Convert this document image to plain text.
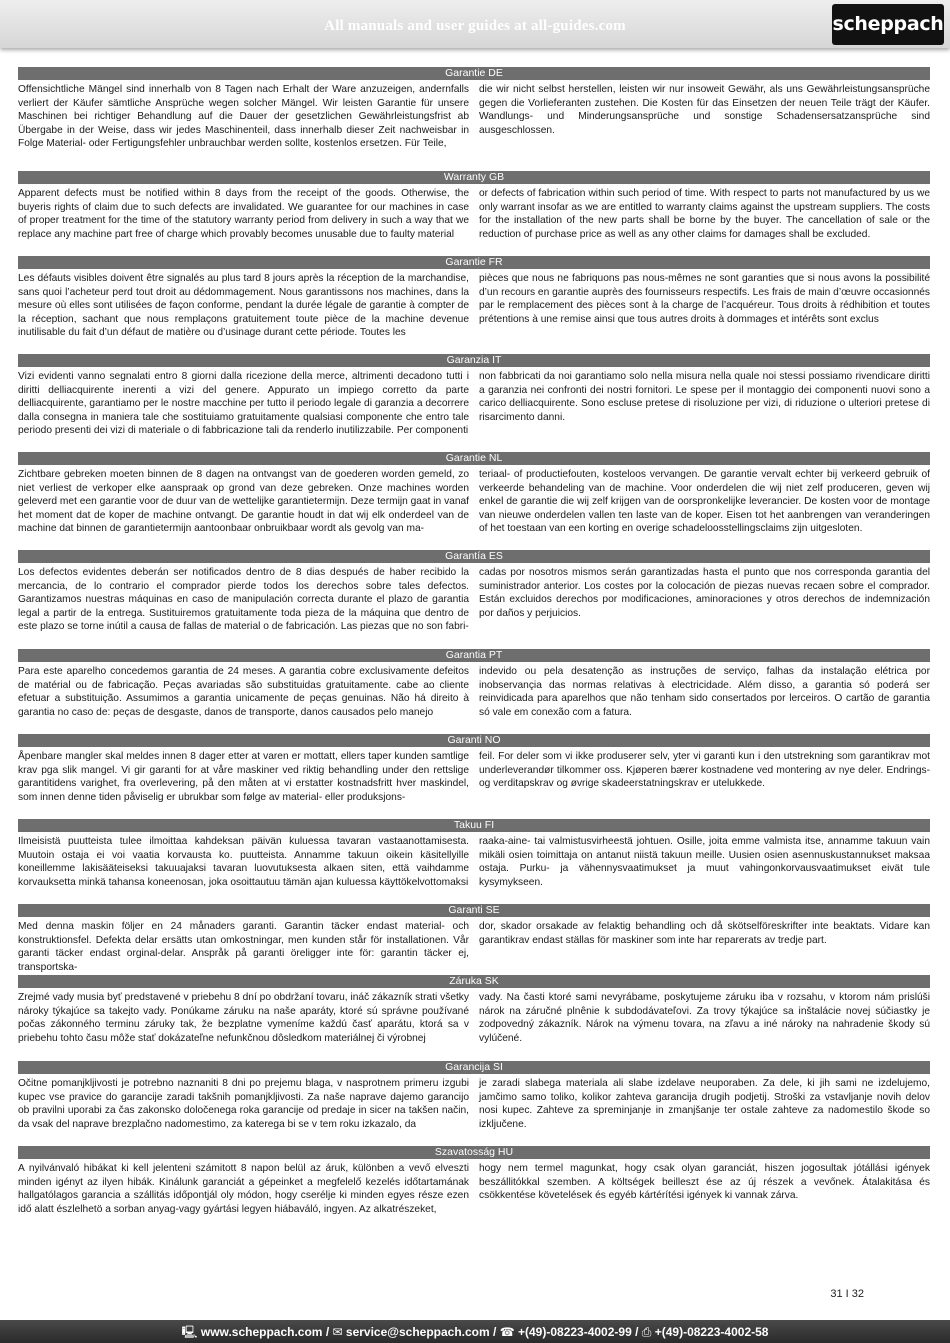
All manuals and user guides at all-guides.com	scheppach
Garantie DE
Offensichtliche Mängel sind innerhalb von 8 Tagen nach Erhalt der Ware anzuzeigen, andernfalls verliert der Käufer sämtliche Ansprüche wegen solcher Mängel. Wir leisten Garantie für unsere Maschinen bei richtiger Behandlung auf die Dauer der gesetzlichen Gewährleistungsfrist ab Übergabe in der Weise, dass wir jedes Maschinenteil, dass innerhalb dieser Zeit nachweisbar in Folge Material- oder Fertigungsfehler unbrauchbar werden sollte, kostenlos ersetzen. Für Teile,
die wir nicht selbst herstellen, leisten wir nur insoweit Gewähr, als uns Gewährleistungsansprüche gegen die Vorlieferanten zustehen. Die Kosten für das Einsetzen der neuen Teile trägt der Käufer. Wandlungs- und Minderungsansprüche und sonstige Schadensersatzansprüche sind ausgeschlossen.
Warranty GB
Apparent defects must be notified within 8 days from the receipt of the goods. Otherwise, the buyeris rights of claim due to such defects are invalidated. We guarantee for our machines in case of proper treatment for the time of the statutory warranty period from delivery in such a way that we replace any machine part free of charge which provably becomes unusable due to faulty material
or defects of fabrication within such period of time. With respect to parts not manufactured by us we only warrant insofar as we are entitled to warranty claims against the upstream suppliers. The costs for the installation of the new parts shall be borne by the buyer. The cancellation of sale or the reduction of purchase price as well as any other claims for damages shall be excluded.
Garantie FR
Les défauts visibles doivent être signalés au plus tard 8 jours après la réception de la marchandise, sans quoi l’acheteur perd tout droit au dédommagement. Nous garantissons nos machines, dans la mesure où elles sont utilisées de façon conforme, pendant la durée légale de garantie à compter de la réception, sachant que nous remplaçons gratuitement toute pièce de la machine devenue inutilisable du fait d’un défaut de matière ou d’usinage durant cette période. Toutes les
pièces que nous ne fabriquons pas nous-mêmes ne sont garanties que si nous avons la possibilité d’un recours en garantie auprès des fournisseurs respectifs. Les frais de main d’œuvre occasionnés par le remplacement des pièces sont à la charge de l’acquéreur. Tous droits à rédhibition et toutes prétentions à une remise ainsi que tous autres droits à dommages et intérêts sont exclus
Garanzia IT
Vizi evidenti vanno segnalati entro 8 giorni dalla ricezione della merce, altrimenti decadono tutti i diritti delliacquirente inerenti a vizi del genere. Appurato un impiego corretto da parte delliacquirente, garantiamo per le nostre macchine per tutto il periodo legale di garanzia a decorrere dalla consegna in maniera tale che sostituiamo gratuitamente qualsiasi componente che entro tale periodo presenti dei vizi di materiale o di fabbricazione tali da renderlo inutilizzabile. Per componenti
non fabbricati da noi garantiamo solo nella misura nella quale noi stessi possiamo rivendicare diritti a garanzia nei confronti dei nostri fornitori. Le spese per il montaggio dei componenti nuovi sono a carico delliacquirente. Sono escluse pretese di risoluzione per vizi, di riduzione o ulteriori pretese di risarcimento danni.
Garantie NL
Zichtbare gebreken moeten binnen de 8 dagen na ontvangst van de goederen worden gemeld, zo niet verliest de verkoper elke aanspraak op grond van deze gebreken. Onze machines worden geleverd met een garantie voor de duur van de wettelijke garantietermijn. Deze termijn gaat in vanaf het moment dat de koper de machine ontvangt. De garantie houdt in dat wij elk onderdeel van de machine dat binnen de garantietermijn aantoonbaar onbruikbaar wordt als gevolg van ma-
teriaal- of productiefouten, kosteloos vervangen. De garantie vervalt echter bij verkeerd gebruik of verkeerde behandeling van de machine. Voor onderdelen die wij niet zelf produceren, geven wij enkel de garantie die wij zelf krijgen van de oorspronkelijke leverancier. De kosten voor de montage van nieuwe onderdelen vallen ten laste van de koper. Eisen tot het aanbrengen van veranderingen of het toestaan van een korting en overige schadeloosstellingsclaims zijn uitgesloten.
Garantía ES
Los defectos evidentes deberán ser notificados dentro de 8 dias después de haber recibido la mercancia, de lo contrario el comprador pierde todos los derechos sobre tales defectos. Garantizamos nuestras máquinas en caso de manipulación correcta durante el plazo de garantia legal a partir de la entrega. Sustituiremos gratuitamente toda pieza de la máquina que dentro de este plazo se torne inútil a causa de fallas de material o de fabricación. Las piezas que no son fabri-
cadas por nosotros mismos serán garantizadas hasta el punto que nos corresponda garantia del suministrador anterior. Los costes por la colocación de piezas nuevas recaen sobre el comprador. Están excluidos derechos por modificaciones, aminoraciones y otros derechos de indemnización por daños y perjuicios.
Garantia PT
Para este aparelho concedemos garantia de 24 meses. A garantia cobre exclusivamente defeitos de matérial ou de fabricação. Peças avariadas são substituidas gratuitamente. cabe ao cliente efetuar a substituição. Assumimos a garantia unicamente de peças genuinas. Não há direito à garantia no caso de: peças de desgaste, danos de transporte, danos causados pelo manejo
indevido ou pela desatenção as instruções de serviço, falhas da instalação elétrica por inobservançia das normas relativas à electricidade. Além disso, a garantia só poderá ser reinvidicada para aparelhos que não tenham sido consertados por lerceiros. O cartão de garantia só vale em conexão com a fatura.
Garanti NO
Åpenbare mangler skal meldes innen 8 dager etter at varen er mottatt, ellers taper kunden samtlige krav pga slik mangel. Vi gir garanti for at våre maskiner ved riktig behandling under den rettslige garantitidens varighet, fra overlevering, på den måten at vi erstatter kostnadsfritt hver maskindel, som innen denne tiden påviselig er ubrukbar som følge av material- eller produksjons-
feil. For deler som vi ikke produserer selv, yter vi garanti kun i den utstrekning som garantikrav mot underleverandør tilkommer oss. Kjøperen bærer kostnadene ved montering av nye deler. Endrings- og verditapskrav og øvrige skadeerstatningskrav er utelukkede.
Takuu FI
Ilmeisistä puutteista tulee ilmoittaa kahdeksan päivän kuluessa tavaran vastaanottamisesta. Muutoin ostaja ei voi vaatia korvausta ko. puutteista. Annamme takuun oikein käsitellyille koneillemme lakisääteiseksi takuuajaksi tavaran luovutuksesta alkaen siten, että vaihdamme korvauksetta minkä tahansa koneenosan, joka osoittautuu tämän ajan kuluessa käyttökelvottomaksi
raaka-aine- tai valmistusvirheestä johtuen. Osille, joita emme valmista itse, annamme takuun vain mikäli osien toimittaja on antanut niistä takuun meille. Uusien osien asennuskustannukset maksaa ostaja. Purku- ja vähennysvaatimukset ja muut vahingonkorvausvaatimukset eivät tule kysymykseen.
Garanti SE
Med denna maskin följer en 24 månaders garanti. Garantin täcker endast material- och konstruktionsfel. Defekta delar ersätts utan omkostningar, men kunden står för installationen. Vår garanti täcker endast orginal-delar. Anspråk på garanti öreligger inte för: garantin täcker ej, transportska-
dor, skador orsakade av felaktig behandling och då skötselföreskrifter inte beaktats. Vidare kan garantikrav endast ställas för maskiner som inte har reparerats av tredje part.
Záruka SK
Zrejmé vady musia byť predstavené v priebehu 8 dní po obdržaní tovaru, ináč zákazník strati všetky nároky týkajúce sa takejto vady. Ponúkame záruku na naše aparáty, ktoré sú správne používané počas zákonného terminu záruky tak, že bezplatne vymeníme každú časť aparátu, ktorá sa v priebehu tohto času môže stať dokázateľne nefunkčnou dôsledkom materiálnej či výrobnej
vady. Na časti ktoré sami nevyrábame, poskytujeme záruku iba v rozsahu, v ktorom nám prislúši nárok na záručné plnênie k subdodávateľovi. Za trovy týkajúce sa inštalácie novej súčiastky je zodpovedný zákazník. Nárok na výmenu tovara, na zľavu a iné nároky na nahradenie škody sú vylúčené.
Garancija SI
Očitne pomanjkljivosti je potrebno naznaniti 8 dni po prejemu blaga, v nasprotnem primeru izgubi kupec vse pravice do garancije zaradi takšnih pomanjkljivosti. Za naše naprave dajemo garancijo ob pravilni uporabi za čas zakonsko določenega roka garancije od predaje in sicer na takšen način, da vsak del naprave brezplačno nadomestimo, za katerega bi se v tem roku izkazalo, da
je zaradi slabega materiala ali slabe izdelave neuporaben. Za dele, ki jih sami ne izdelujemo, jamčimo samo toliko, kolikor zahteva garancija drugih podjetij. Stroški za vstavljanje novih delov nosi kupec. Zahteve za spreminjanje in zmanjšanje ter ostale zahteve za nadomestilo škode so izključene.
Szavatosság HU
A nyilvánvaló hibákat ki kell jelenteni számitott 8 napon belül az áruk, különben a vevő elveszti minden igényt az ilyen hibák. Kinálunk garanciát a gépeinket a megfelelő kezelés időtartamának hallgatólagos garancia a szállitás időpontjál oly módon, hogy cserélje ki minden egyes része ezen idő alatt észlelhetö a sorban anyag-vagy gyártási legyen hiábaváló, ingyen. Az alkatrészeket,
hogy nem termel magunkat, hogy csak olyan garanciát, hiszen jogosultak jótállási igények beszállitókkal szemben. A költségek beilleszt ése az új részek a vevőnek. Átalakitása és csökkentése követelések és egyéb kártérítési igények ki vannak zárva.
31 I 32
🖳 www.scheppach.com / ✉ service@scheppach.com / ☎ +(49)-08223-4002-99 / ⎙ +(49)-08223-4002-58
